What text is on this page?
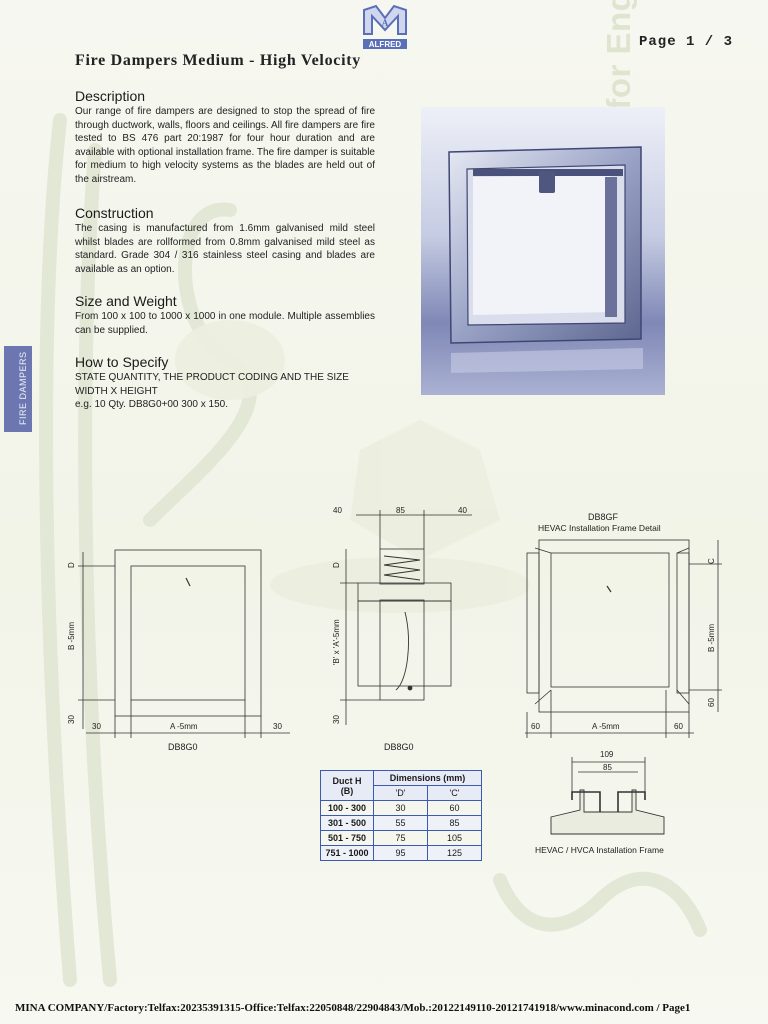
for
A
ALFRED	Page 1 / 3
Fire Dampers Medium - High Velocity
FIRE DAMPERS
Description

Our range of fire dampers are designed to stop the spread of fire through ductwork, walls, floors and ceilings. All fire dampers are fire tested to BS 476 part 20:1987 for four hour duration and are available with optional installation frame. The fire damper is suitable for medium to high velocity systems as the blades are held out of the airstream.

Construction

The casing is manufactured from 1.6mm galvanised mild steel whilst blades are rollformed from 0.8mm galvanised mild steel as standard. Grade 304 / 316 stainless steel casing and blades are available as an option.

Size and Weight

From 100 x 100 to 1000 x 1000 in one module. Multiple assemblies can be supplied.

How to Specify

STATE QUANTITY, THE PRODUCT CODING AND THE SIZE

WIDTH X HEIGHT

e.g. 10 Qty. DB8G0+00 300 x 150.

D
B -5mm
30
30	A -5mm	30
40	85	40
D
'B' x 'A'-5mm
30
C
B -5mm
60
60	A -5mm	60
109
85
DB8G0	DB8G0
DB8GF
HEVAC Installation Frame Detail
HEVAC / HVCA Installation Frame
Duct H
(B)	Dimensions (mm)	
	'D'	'C'
100 - 300	30	60
301 - 500	55	85
501 - 750	75	105
751 - 1000	95	125
MINA COMPANY/Factory:Telfax:20235391315-Office:Telfax:22050848/22904843/Mob.:20122149110-20121741918/www.minacond.com / Page1
